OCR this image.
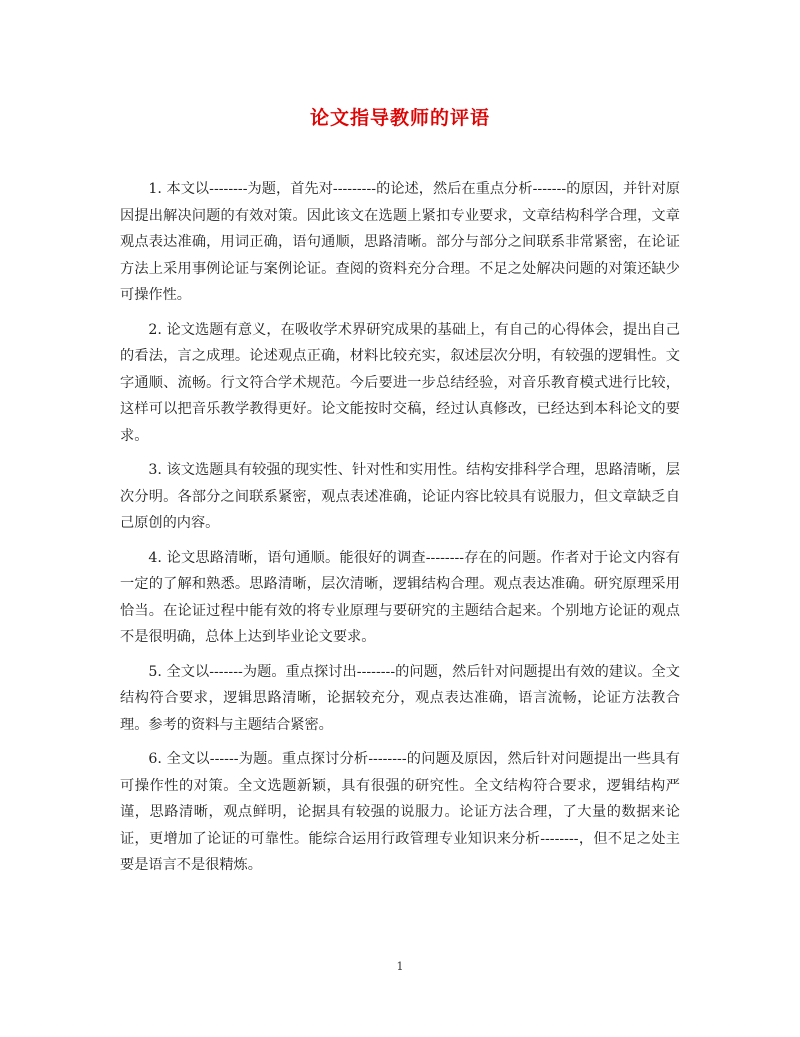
论文指导教师的评语

1. 本文以--------为题，首先对---------的论述，然后在重点分析-------的原因，并针对原因提出解决问题的有效对策。因此该文在选题上紧扣专业要求，文章结构科学合理，文章观点表达准确，用词正确，语句通顺，思路清晰。部分与部分之间联系非常紧密，在论证方法上采用事例论证与案例论证。查阅的资料充分合理。不足之处解决问题的对策还缺少可操作性。

2. 论文选题有意义，在吸收学术界研究成果的基础上，有自己的心得体会，提出自己的看法，言之成理。论述观点正确，材料比较充实，叙述层次分明，有较强的逻辑性。文字通顺、流畅。行文符合学术规范。今后要进一步总结经验，对音乐教育模式进行比较，这样可以把音乐教学教得更好。论文能按时交稿，经过认真修改，已经达到本科论文的要求。

3. 该文选题具有较强的现实性、针对性和实用性。结构安排科学合理，思路清晰，层次分明。各部分之间联系紧密，观点表述准确，论证内容比较具有说服力，但文章缺乏自己原创的内容。

4. 论文思路清晰，语句通顺。能很好的调查--------存在的问题。作者对于论文内容有一定的了解和熟悉。思路清晰，层次清晰，逻辑结构合理。观点表达准确。研究原理采用恰当。在论证过程中能有效的将专业原理与要研究的主题结合起来。个别地方论证的观点不是很明确，总体上达到毕业论文要求。

5. 全文以-------为题。重点探讨出--------的问题，然后针对问题提出有效的建议。全文结构符合要求，逻辑思路清晰，论据较充分，观点表达准确，语言流畅，论证方法教合理。参考的资料与主题结合紧密。

6. 全文以------为题。重点探讨分析--------的问题及原因，然后针对问题提出一些具有可操作性的对策。全文选题新颖，具有很强的研究性。全文结构符合要求，逻辑结构严谨，思路清晰，观点鲜明，论据具有较强的说服力。论证方法合理，了大量的数据来论证，更增加了论证的可靠性。能综合运用行政管理专业知识来分析--------，但不足之处主要是语言不是很精炼。

1
